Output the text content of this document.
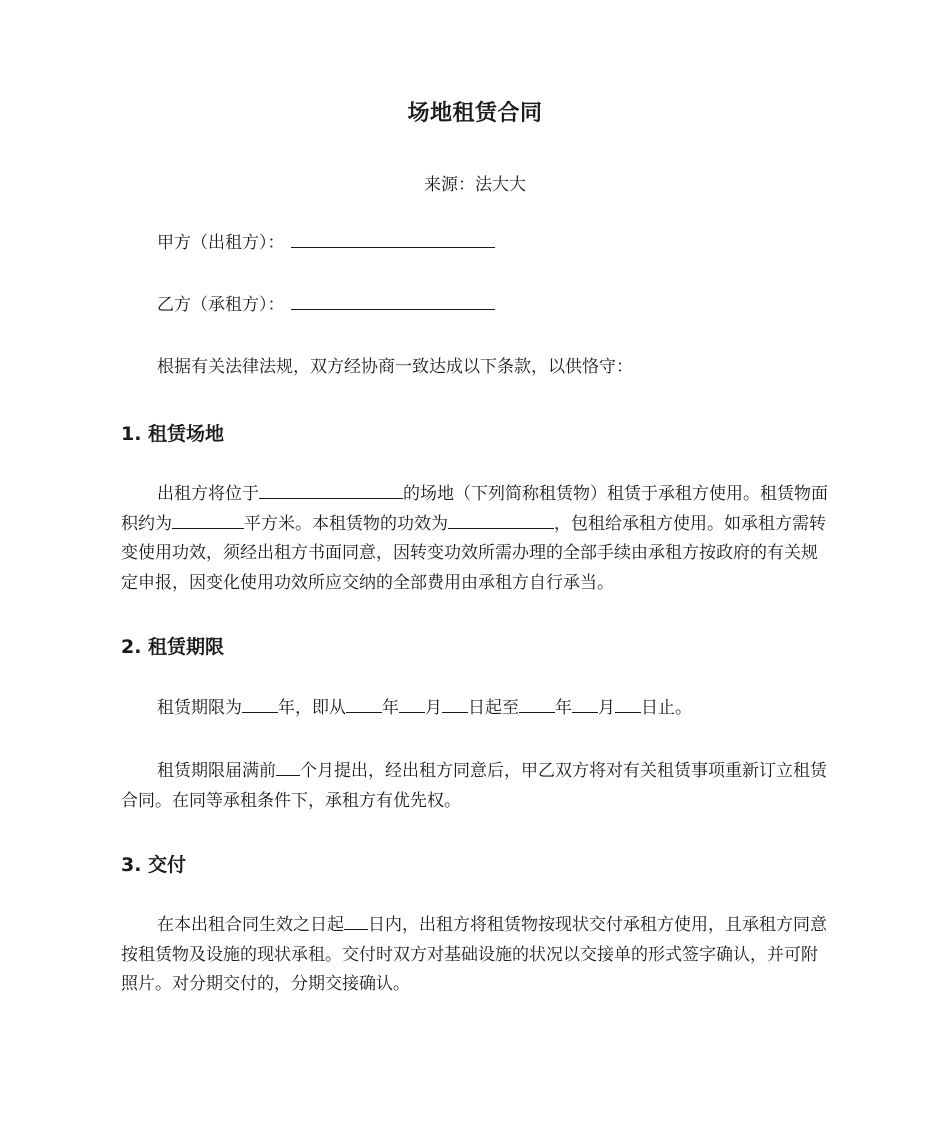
场地租赁合同
来源：法大大
甲方（出租方）：
乙方（承租方）：
根据有关法律法规，双方经协商一致达成以下条款，以供恪守：
1. 租赁场地
出租方将位于	的场地（下列简称租赁物）租赁于承租方使用。租赁物面积约为	平方米。本租赁物的功效为	，包租给承租方使用。如承租方需转变使用功效，须经出租方书面同意，因转变功效所需办理的全部手续由承租方按政府的有关规定申报，因变化使用功效所应交纳的全部费用由承租方自行承当。
2. 租赁期限
租赁期限为 年，即从 年 月 日起至 年 月 日止。
租赁期限届满前 个月提出，经出租方同意后，甲乙双方将对有关租赁事项重新订立租赁合同。在同等承租条件下，承租方有优先权。
3. 交付
在本出租合同生效之日起 日内，出租方将租赁物按现状交付承租方使用，且承租方同意按租赁物及设施的现状承租。交付时双方对基础设施的状况以交接单的形式签字确认，并可附照片。对分期交付的，分期交接确认。
